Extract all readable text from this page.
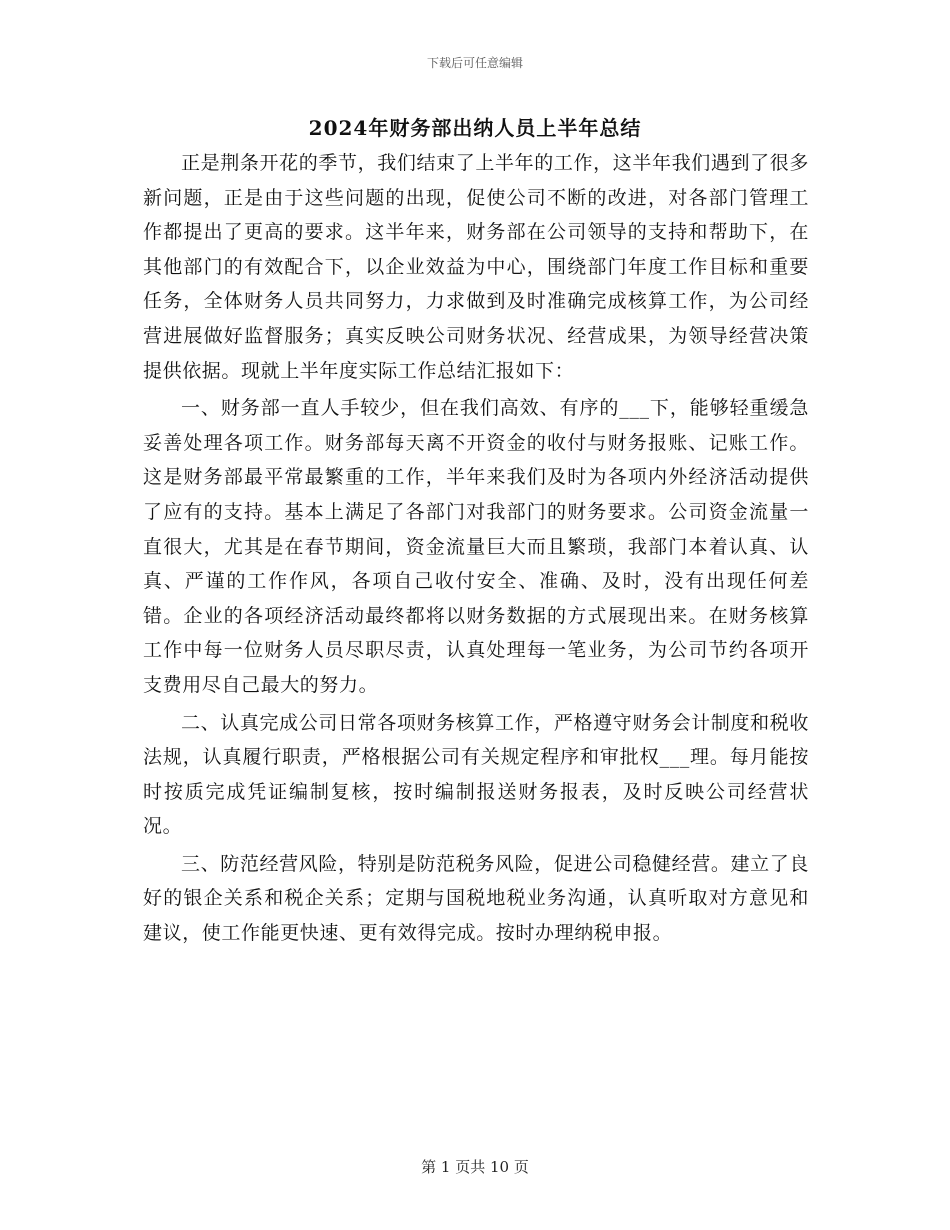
下载后可任意编辑
2024年财务部出纳人员上半年总结

正是荆条开花的季节，我们结束了上半年的工作，这半年我们遇到了很多新问题，正是由于这些问题的出现，促使公司不断的改进，对各部门管理工作都提出了更高的要求。这半年来，财务部在公司领导的支持和帮助下，在其他部门的有效配合下，以企业效益为中心，围绕部门年度工作目标和重要任务，全体财务人员共同努力，力求做到及时准确完成核算工作，为公司经营进展做好监督服务；真实反映公司财务状况、经营成果，为领导经营决策提供依据。现就上半年度实际工作总结汇报如下：

一、财务部一直人手较少，但在我们高效、有序的___下，能够轻重缓急妥善处理各项工作。财务部每天离不开资金的收付与财务报账、记账工作。这是财务部最平常最繁重的工作，半年来我们及时为各项内外经济活动提供了应有的支持。基本上满足了各部门对我部门的财务要求。公司资金流量一直很大，尤其是在春节期间，资金流量巨大而且繁琐，我部门本着认真、认真、严谨的工作作风，各项自己收付安全、准确、及时，没有出现任何差错。企业的各项经济活动最终都将以财务数据的方式展现出来。在财务核算工作中每一位财务人员尽职尽责，认真处理每一笔业务，为公司节约各项开支费用尽自己最大的努力。

二、认真完成公司日常各项财务核算工作，严格遵守财务会计制度和税收法规，认真履行职责，严格根据公司有关规定程序和审批权___理。每月能按时按质完成凭证编制复核，按时编制报送财务报表，及时反映公司经营状况。

三、防范经营风险，特别是防范税务风险，促进公司稳健经营。建立了良好的银企关系和税企关系；定期与国税地税业务沟通，认真听取对方意见和建议，使工作能更快速、更有效得完成。按时办理纳税申报。

第 1 页共 10 页
